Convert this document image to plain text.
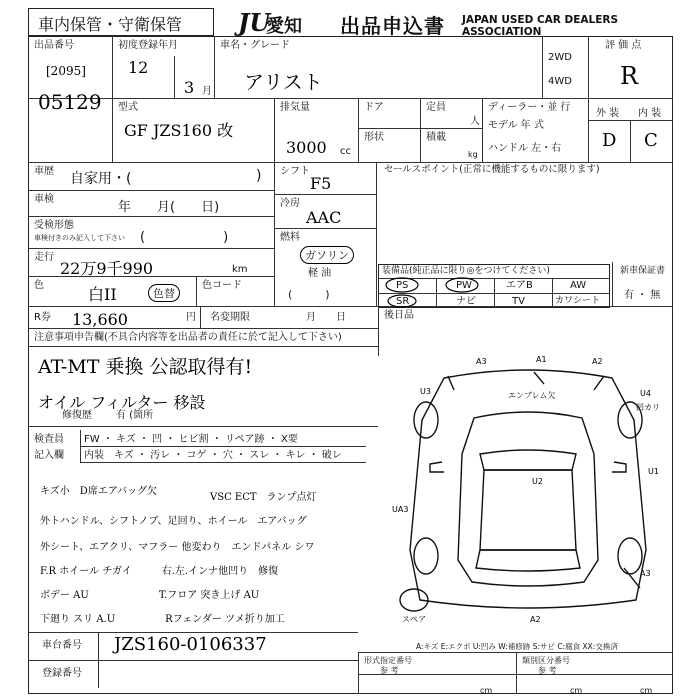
車内保管・守衛保管 JU
愛知 出品申込書 JAPAN USED CAR DEALERS ASSOCIATION
出品番号
[2095]
05129
初度登録年月
12
3 月
車名・グレード
アリスト
2WD
4WD
評 価 点
R
型式
GF JZS160 改
排気量
3000 cc
ドア
形状
定員
人
積載
kg
ディーラー・並 行
モデル 年 式
ハンドル 左・右
外 装 内 装
D C
車歴 自家用・(	)
車検
年　　月(　　日)
受検形態
車検付きのみ記入して下さい (　　　　　　)
走行
22万9千990	km
色	白II	色替
色コード
シフト
F5
冷房
AAC
燃料
ガソリン
軽 油
(　　　)
セールスポイント(正常に機能するものに限ります)
装備品(純正品に限り◎をつけてください)
PS	PW	エアB	AW
SR	ナビ	TV	カワシート
新車保証書
有 ・ 無
R券 13,660	円 名変期限	月　　日	後日品
注意事項申告欄(不具合内容等を出品者の責任に於て記入して下さい)
AT-MT 乗換 公認取得有!
オイル フィルター 移設
修復歴 有 (箇所
検査員
記入欄
FW ・ キズ ・ 凹 ・ ヒビ割 ・ リペア跡 ・ X要
内装 キズ ・ 汚レ ・ コゲ ・ 穴 ・ スレ ・ キレ ・ 破レ
キズ小　D席エアバッグ欠
VSC ECT　ランプ点灯
外トハンドル、シフトノブ、足回り、ホイール　エアバッグ
外シート、エアクリ、マフラー 他変わり　エンドパネル シワ
F.R ホイール チガイ　　　右.左.インナ他凹り　修復
ボデー AU　　　　　　　T.フロア 突き上げ AU
下廻り スリ A.U　　　　　Rフェンダー ツメ折り加工
A3	A1	A2
U3	エンブレム欠	U4
凹カリ
U1
U2
UA3
A3
A2
スペア
A:キズ E:エクボ U:凹み W:補修跡 S:サビ C:腐食 XX:交換済
車台番号 JZS160-0106337
登録番号
形式指定番号
参 考
類別区分番号
参 考
cm	cm	cm
